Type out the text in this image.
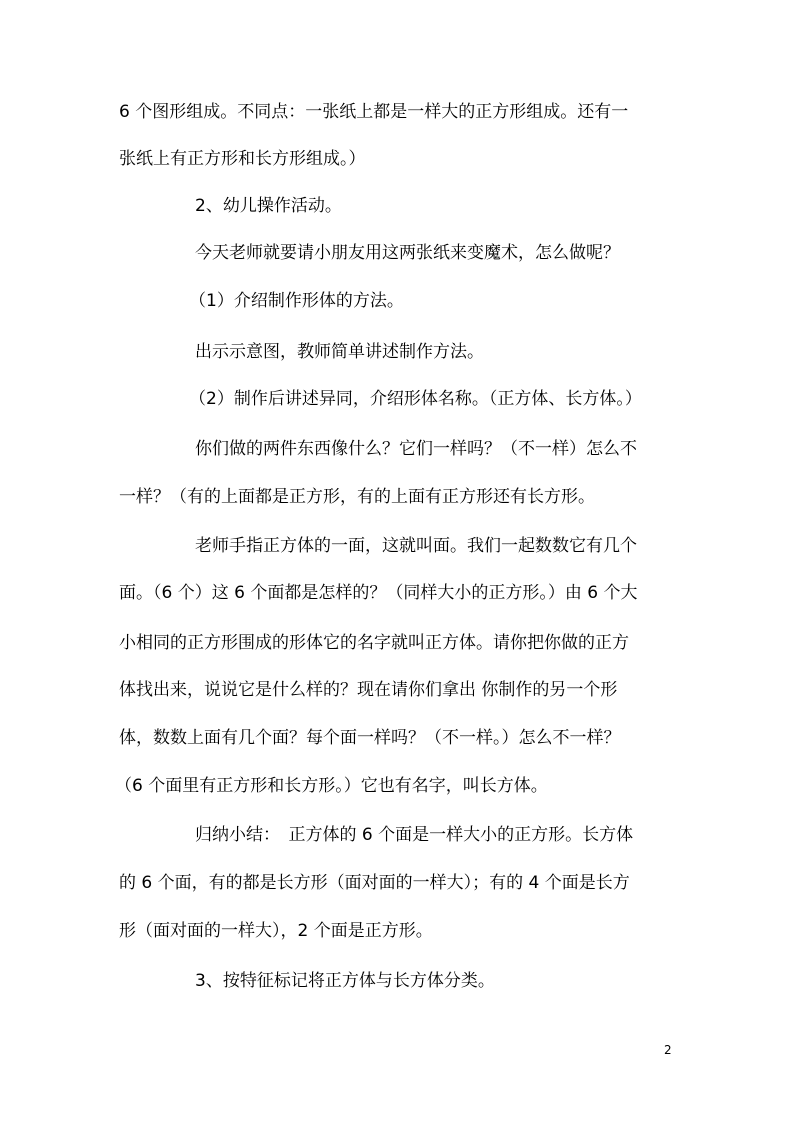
6 个图形组成。不同点：一张纸上都是一样大的正方形组成。还有一
张纸上有正方形和长方形组成。）
2、幼儿操作活动。
今天老师就要请小朋友用这两张纸来变魔术，怎么做呢？
（1）介绍制作形体的方法。
出示示意图，教师简单讲述制作方法。
（2）制作后讲述异同，介绍形体名称。（正方体、长方体。）
你们做的两件东西像什么？它们一样吗？（不一样）怎么不
一样？（有的上面都是正方形，有的上面有正方形还有长方形。
老师手指正方体的一面，这就叫面。我们一起数数它有几个
面。（6 个）这 6 个面都是怎样的？（同样大小的正方形。）由 6 个大
小相同的正方形围成的形体它的名字就叫正方体。请你把你做的正方
体找出来，说说它是什么样的？现在请你们拿出 你制作的另一个形
体，数数上面有几个面？每个面一样吗？（不一样。）怎么不一样？
（6 个面里有正方形和长方形。）它也有名字，叫长方体。
归纳小结：　正方体的 6 个面是一样大小的正方形。长方体
的 6 个面，有的都是长方形（面对面的一样大）；有的 4 个面是长方
形（面对面的一样大），2 个面是正方形。
3、按特征标记将正方体与长方体分类。
2
